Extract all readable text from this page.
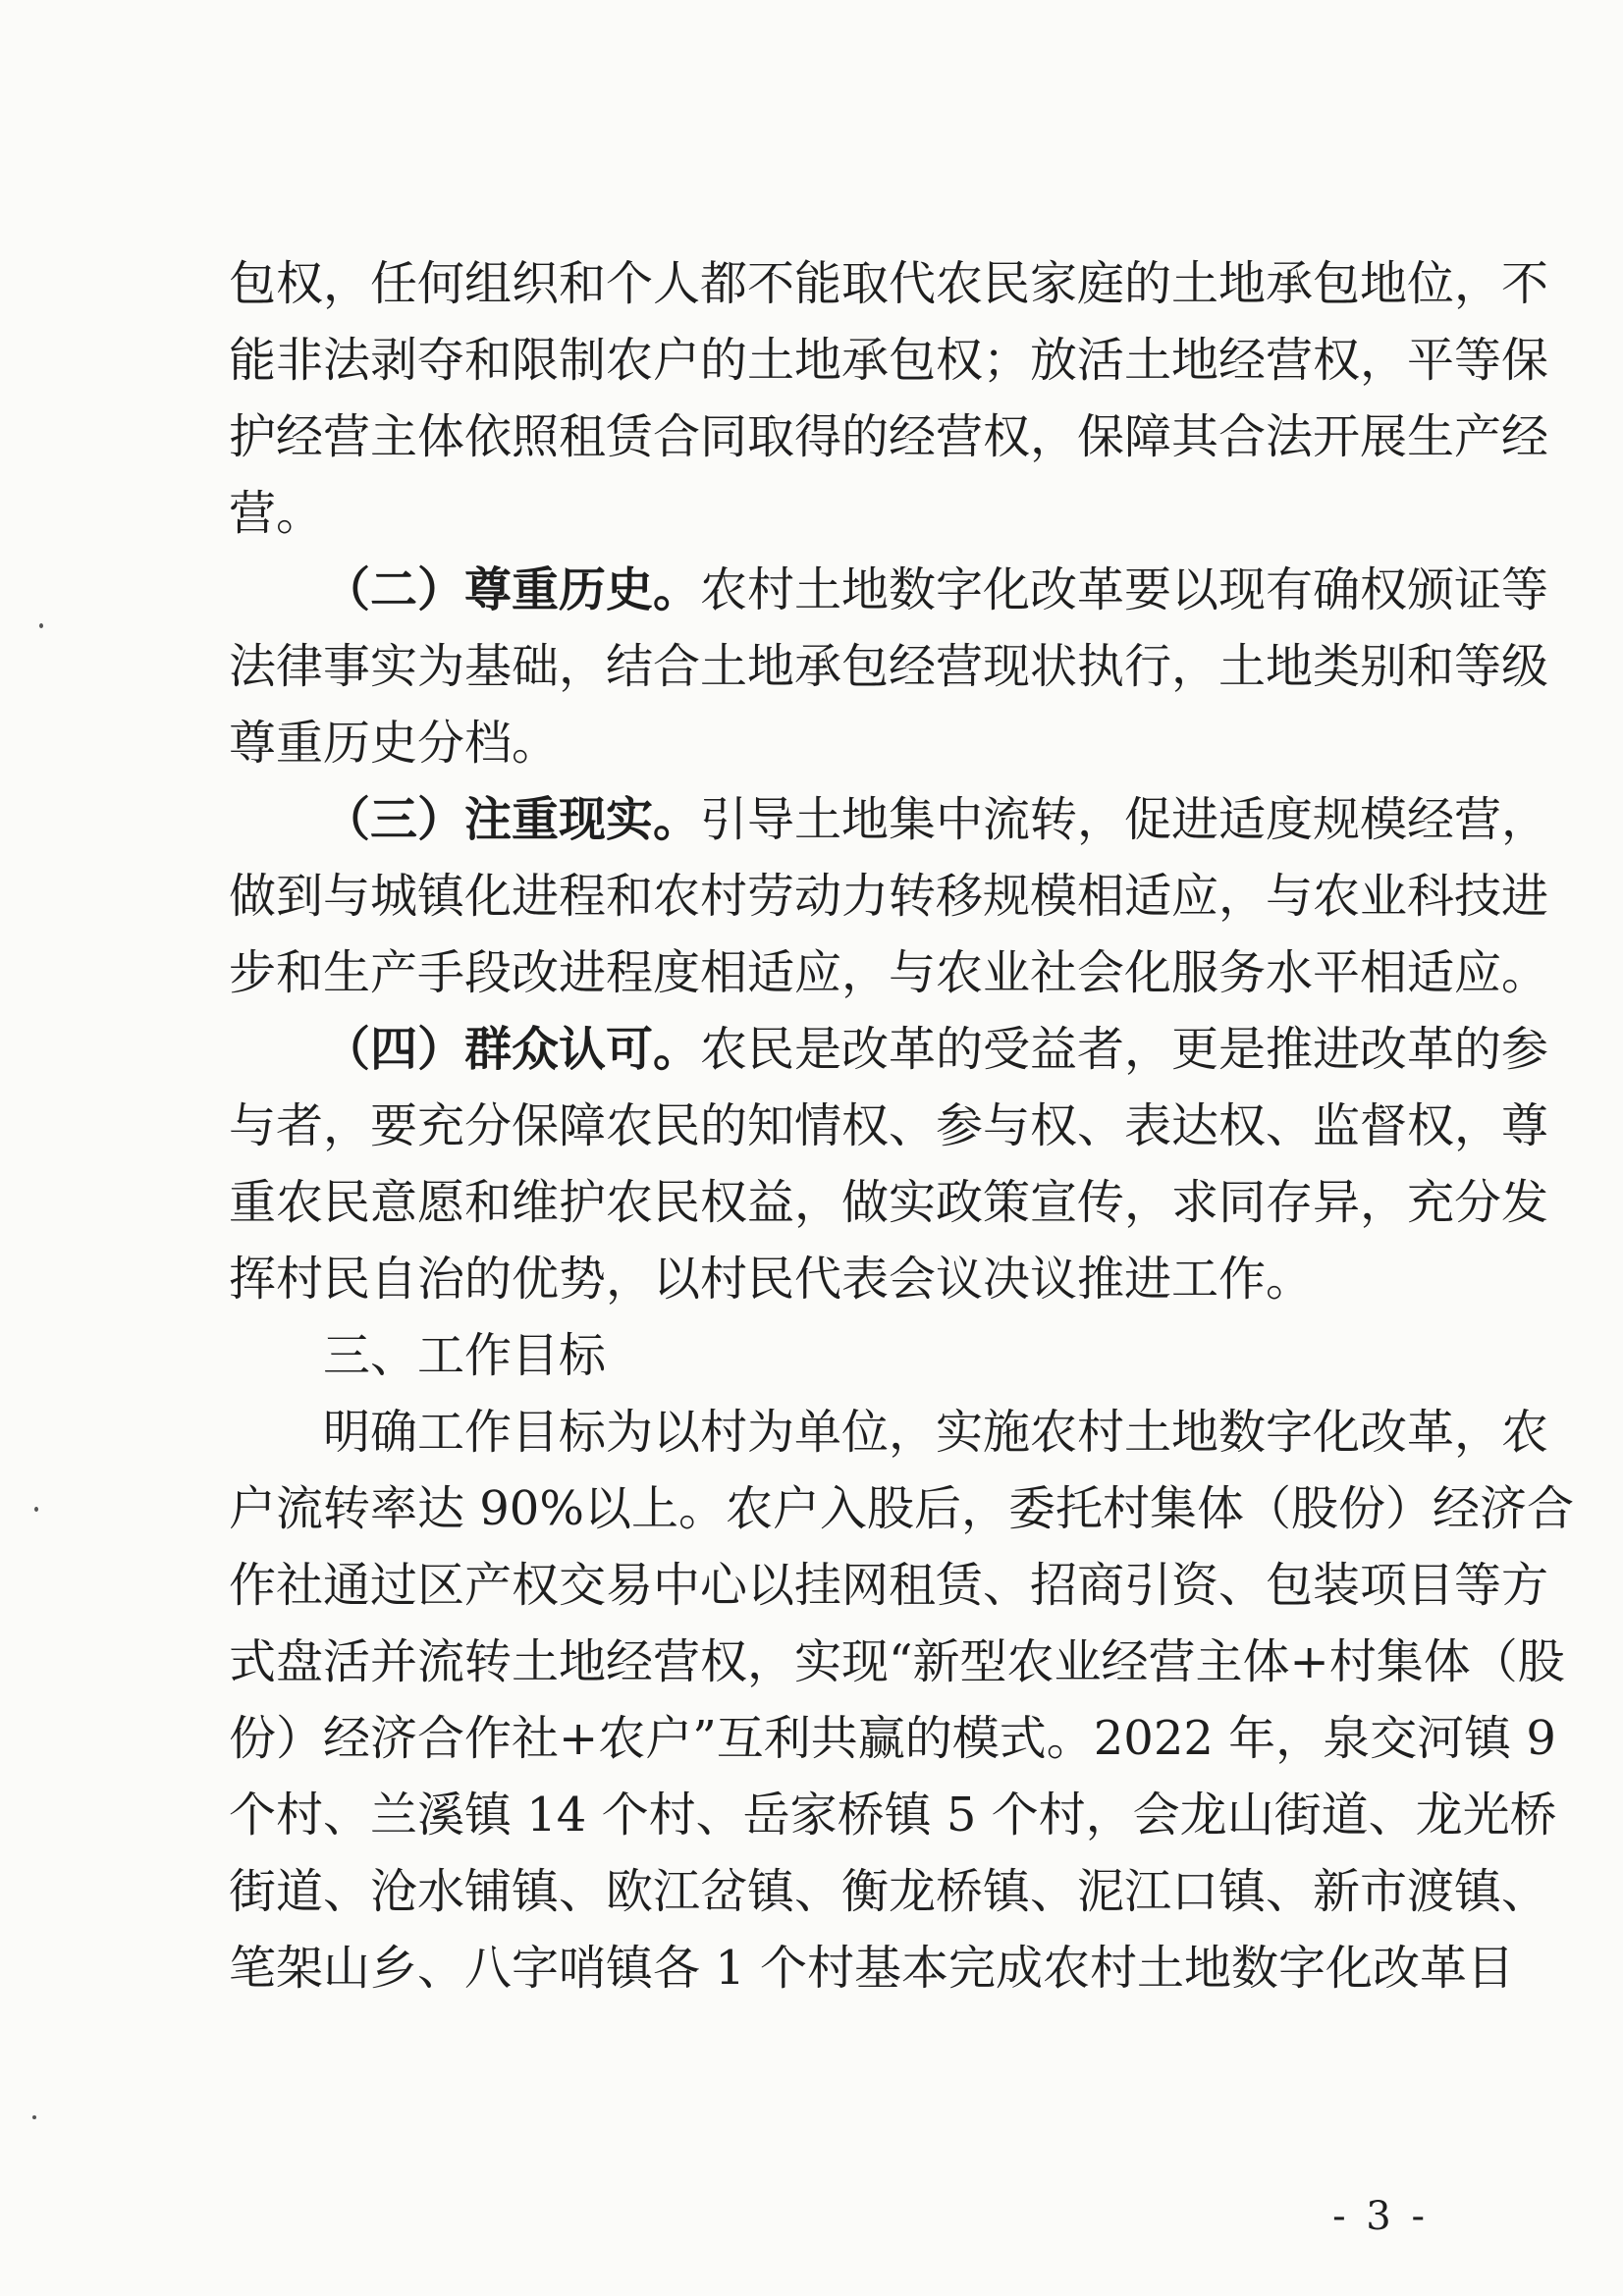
包权，任何组织和个人都不能取代农民家庭的土地承包地位，不
能非法剥夺和限制农户的土地承包权；放活土地经营权，平等保
护经营主体依照租赁合同取得的经营权，保障其合法开展生产经
营。
（二）尊重历史。农村土地数字化改革要以现有确权颁证等
法律事实为基础，结合土地承包经营现状执行，土地类别和等级
尊重历史分档。
（三）注重现实。引导土地集中流转，促进适度规模经营，
做到与城镇化进程和农村劳动力转移规模相适应，与农业科技进
步和生产手段改进程度相适应，与农业社会化服务水平相适应。
（四）群众认可。农民是改革的受益者，更是推进改革的参
与者，要充分保障农民的知情权、参与权、表达权、监督权，尊
重农民意愿和维护农民权益，做实政策宣传，求同存异，充分发
挥村民自治的优势，以村民代表会议决议推进工作。
三、工作目标
明确工作目标为以村为单位，实施农村土地数字化改革，农
户流转率达 90%以上。农户入股后，委托村集体（股份）经济合
作社通过区产权交易中心以挂网租赁、招商引资、包装项目等方
式盘活并流转土地经营权，实现“新型农业经营主体+村集体（股
份）经济合作社+农户”互利共赢的模式。2022 年，泉交河镇 9
个村、兰溪镇 14 个村、岳家桥镇 5 个村，会龙山街道、龙光桥
街道、沧水铺镇、欧江岔镇、衡龙桥镇、泥江口镇、新市渡镇、
笔架山乡、八字哨镇各 1 个村基本完成农村土地数字化改革目
- 3 -
